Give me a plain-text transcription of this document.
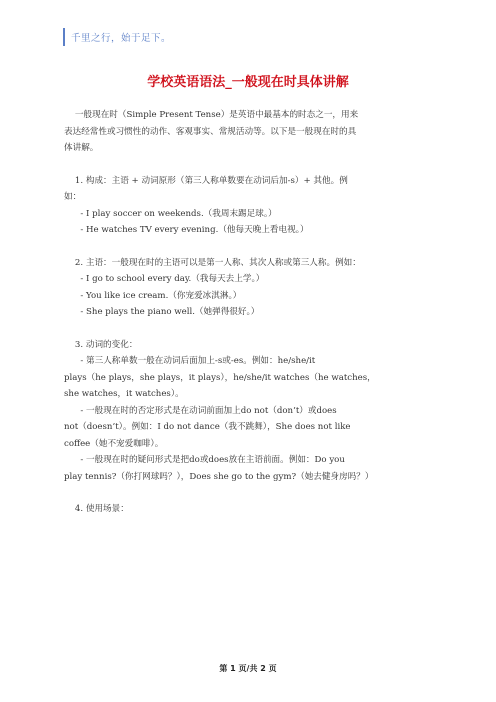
千里之行，始于足下。
学校英语语法_一般现在时具体讲解
一般现在时（Simple Present Tense）是英语中最基本的时态之一，用来
表达经常性或习惯性的动作、客观事实、常规活动等。以下是一般现在时的具
体讲解。
1. 构成：主语 + 动词原形（第三人称单数要在动词后加-s）+ 其他。例
如：
- I play soccer on weekends.（我周末踢足球。）
- He watches TV every evening.（他每天晚上看电视。）
2. 主语：一般现在时的主语可以是第一人称、其次人称或第三人称。例如：
- I go to school every day.（我每天去上学。）
- You like ice cream.（你宠爱冰淇淋。）
- She plays the piano well.（她弹得很好。）
3. 动词的变化：
- 第三人称单数一般在动词后面加上-s或-es。例如：he/she/it
plays（he plays，she plays，it plays），he/she/it watches（he watches，
she watches，it watches）。
- 一般现在时的否定形式是在动词前面加上do not（don’t）或does
not（doesn’t）。例如：I do not dance（我不跳舞），She does not like
coffee（她不宠爱咖啡）。
- 一般现在时的疑问形式是把do或does放在主语前面。例如：Do you
play tennis?（你打网球吗？），Does she go to the gym?（她去健身房吗？）
4. 使用场景：
第 1 页/共 2 页
